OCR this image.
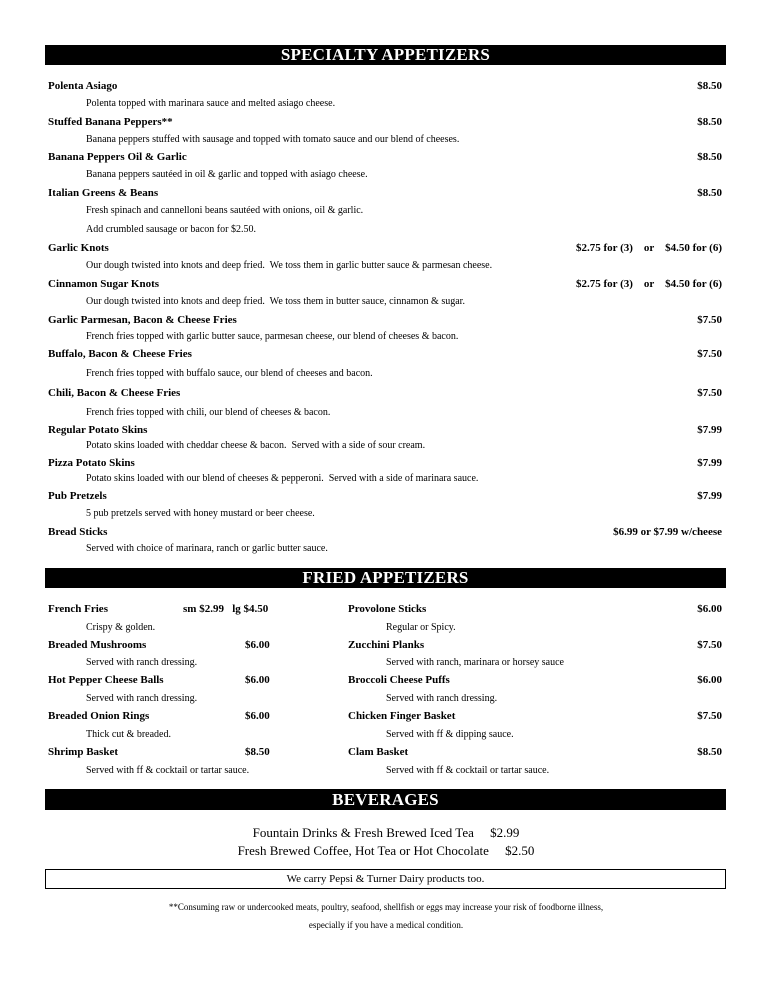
SPECIALTY APPETIZERS
Polenta Asiago	$8.50
Polenta topped with marinara sauce and melted asiago cheese.
Stuffed Banana Peppers**	$8.50
Banana peppers stuffed with sausage and topped with tomato sauce and our blend of cheeses.
Banana Peppers Oil & Garlic	$8.50
Banana peppers sautéed in oil & garlic and topped with asiago cheese.
Italian Greens & Beans	$8.50
Fresh spinach and cannelloni beans sautéed with onions, oil & garlic.
Add crumbled sausage or bacon for $2.50.
Garlic Knots	$2.75 for (3)    or    $4.50 for (6)
Our dough twisted into knots and deep fried.  We toss them in garlic butter sauce & parmesan cheese.
Cinnamon Sugar Knots	$2.75 for (3)    or    $4.50 for (6)
Our dough twisted into knots and deep fried.  We toss them in butter sauce, cinnamon & sugar.
Garlic Parmesan, Bacon & Cheese Fries	$7.50
French fries topped with garlic butter sauce, parmesan cheese, our blend of cheeses & bacon.
Buffalo, Bacon & Cheese Fries	$7.50
French fries topped with buffalo sauce, our blend of cheeses and bacon.
Chili, Bacon & Cheese Fries	$7.50
French fries topped with chili, our blend of cheeses & bacon.
Regular Potato Skins	$7.99
Potato skins loaded with cheddar cheese & bacon.  Served with a side of sour cream.
Pizza Potato Skins	$7.99
Potato skins loaded with our blend of cheeses & pepperoni.  Served with a side of marinara sauce.
Pub Pretzels	$7.99
5 pub pretzels served with honey mustard or beer cheese.
Bread Sticks	$6.99 or $7.99 w/cheese
Served with choice of marinara, ranch or garlic butter sauce.
FRIED APPETIZERS
French Fries	sm $2.99   lg $4.50
Crispy & golden.
Breaded Mushrooms	$6.00
Served with ranch dressing.
Hot Pepper Cheese Balls	$6.00
Served with ranch dressing.
Breaded Onion Rings	$6.00
Thick cut & breaded.
Shrimp Basket	$8.50
Served with ff & cocktail or tartar sauce.
Provolone Sticks	$6.00
Regular or Spicy.
Zucchini Planks	$7.50
Served with ranch, marinara or horsey sauce
Broccoli Cheese Puffs	$6.00
Served with ranch dressing.
Chicken Finger Basket	$7.50
Served with ff & dipping sauce.
Clam Basket	$8.50
Served with ff & cocktail or tartar sauce.
BEVERAGES
Fountain Drinks & Fresh Brewed Iced Tea     $2.99
Fresh Brewed Coffee, Hot Tea or Hot Chocolate     $2.50
We carry Pepsi & Turner Dairy products too.
**Consuming raw or undercooked meats, poultry, seafood, shellfish or eggs may increase your risk of foodborne illness,
especially if you have a medical condition.
